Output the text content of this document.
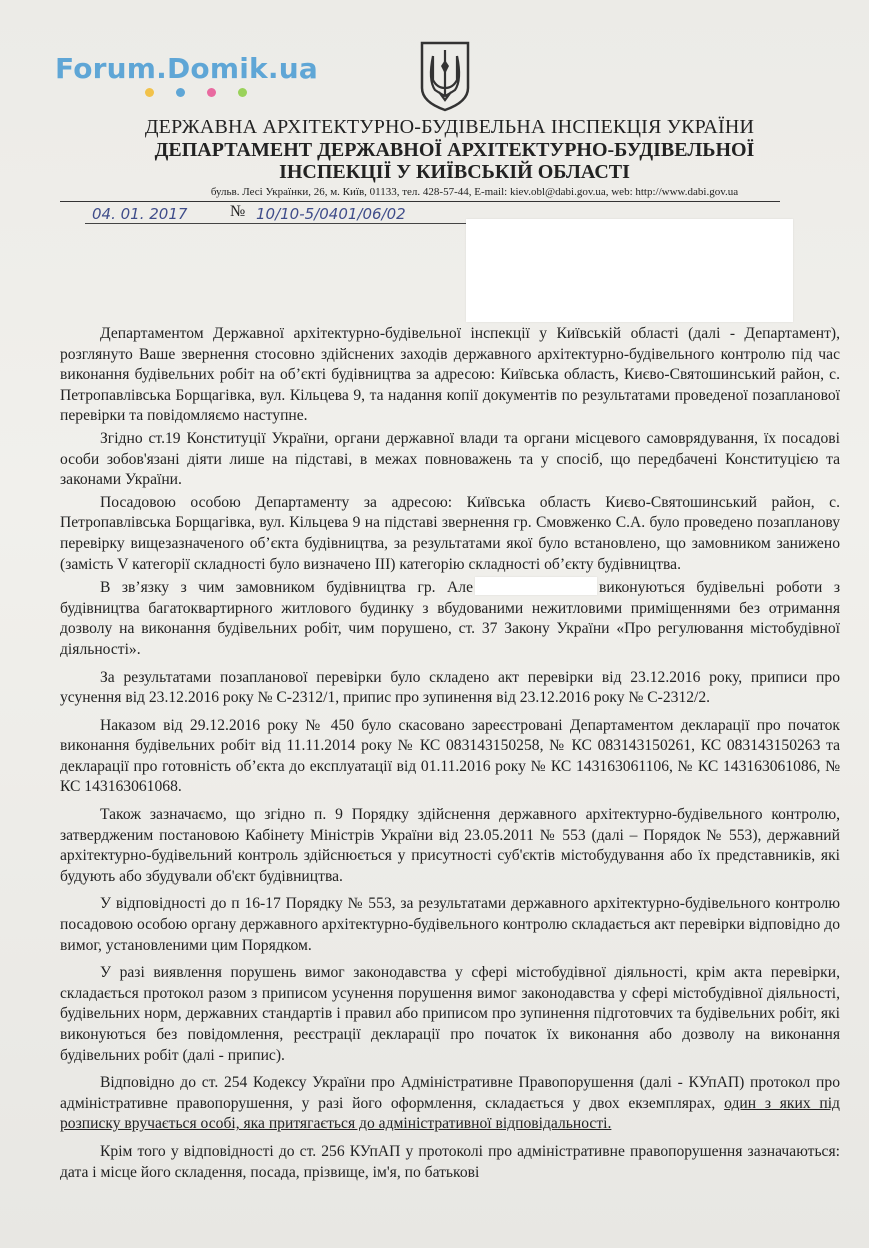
Forum.Domik.ua
ДЕРЖАВНА АРХІТЕКТУРНО-БУДІВЕЛЬНА ІНСПЕКЦІЯ УКРАЇНИ
ДЕПАРТАМЕНТ ДЕРЖАВНОЇ АРХІТЕКТУРНО-БУДІВЕЛЬНОЇ
ІНСПЕКЦІЇ У КИЇВСЬКІЙ ОБЛАСТІ
бульв. Лесі Українки, 26, м. Київ, 01133, тел. 428-57-44, E-mail: kiev.obl@dabi.gov.ua, web: http://www.dabi.gov.ua
04. 01. 2017	№ 10/10-5/0401/06/02

Департаментом Державної архітектурно-будівельної інспекції у Київській області (далі - Департамент), розглянуто Ваше звернення стосовно здійснених заходів державного архітектурно-будівельного контролю під час виконання будівельних робіт на об’єкті будівництва за адресою: Київська область, Києво-Святошинський район, с. Петропавлівська Борщагівка, вул. Кільцева 9, та надання копії документів по результатами проведеної позапланової перевірки та повідомляємо наступне.

Згідно ст.19 Конституції України, органи державної влади та органи місцевого самоврядування, їх посадові особи зобов'язані діяти лише на підставі, в межах повноважень та у спосіб, що передбачені Конституцією та законами України.

Посадовою особою Департаменту за адресою: Київська область Києво-Святошинський район, с. Петропавлівська Борщагівка, вул. Кільцева 9 на підставі звернення гр. Смовженко С.А. було проведено позапланову перевірку вищезазначеного об’єкта будівництва, за результатами якої було встановлено, що замовником занижено (замість V категорії складності було визначено III) категорію складності об’єкту будівництва.

В зв’язку з чим замовником будівництва гр. Але	виконуються будівельні роботи з будівництва багатоквартирного житлового будинку з вбудованими нежитловими приміщеннями без отримання дозволу на виконання будівельних робіт, чим порушено, ст. 37 Закону України «Про регулювання містобудівної діяльності».

За результатами позапланової перевірки було складено акт перевірки від 23.12.2016 року, приписи про усунення від 23.12.2016 року № С-2312/1, припис про зупинення від 23.12.2016 року № С-2312/2.

Наказом від 29.12.2016 року № 450 було скасовано зареєстровані Департаментом декларації про початок виконання будівельних робіт від 11.11.2014 року № КС 083143150258, № КС 083143150261, КС 083143150263 та декларації про готовність об’єкта до експлуатації від 01.11.2016 року № КС 143163061106, № КС 143163061086, № КС 143163061068.

Також зазначаємо, що згідно п. 9 Порядку здійснення державного архітектурно-будівельного контролю, затвердженим постановою Кабінету Міністрів України від 23.05.2011 № 553 (далі – Порядок № 553), державний архітектурно-будівельний контроль здійснюється у присутності суб'єктів містобудування або їх представників, які будують або збудували об'єкт будівництва.

У відповідності до п 16-17 Порядку № 553, за результатами державного архітектурно-будівельного контролю посадовою особою органу державного архітектурно-будівельного контролю складається акт перевірки відповідно до вимог, установленими цим Порядком.

У разі виявлення порушень вимог законодавства у сфері містобудівної діяльності, крім акта перевірки, складається протокол разом з приписом усунення порушення вимог законодавства у сфері містобудівної діяльності, будівельних норм, державних стандартів і правил або приписом про зупинення підготовчих та будівельних робіт, які виконуються без повідомлення, реєстрації декларації про початок їх виконання або дозволу на виконання будівельних робіт (далі - припис).

Відповідно до ст. 254 Кодексу України про Адміністративне Правопорушення (далі - КУпАП) протокол про адміністративне правопорушення, у разі його оформлення, складається у двох екземплярах, один з яких під розписку вручається особі, яка притягається до адміністративної відповідальності.

Крім того у відповідності до ст. 256 КУпАП у протоколі про адміністративне правопорушення зазначаються: дата і місце його складення, посада, прізвище, ім'я, по батькові
